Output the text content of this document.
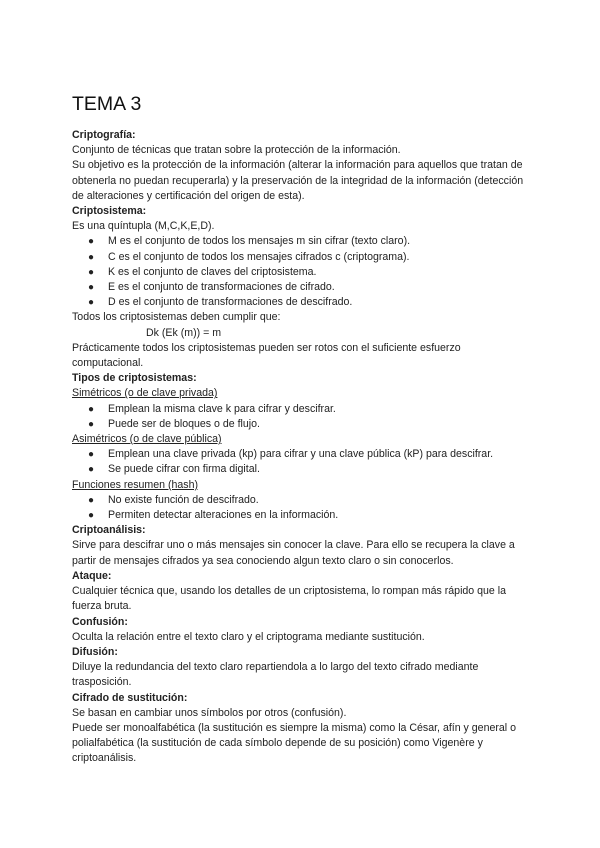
TEMA 3
Criptografía:
Conjunto de técnicas que tratan sobre la protección de la información.
Su objetivo es la protección de la información (alterar la información para aquellos que tratan de obtenerla no puedan recuperarla) y la preservación de la integridad de la información (detección de alteraciones y certificación del origen de esta).
Criptosistema:
Es una quíntupla (M,C,K,E,D).
● M es el conjunto de todos los mensajes m sin cifrar (texto claro).
● C es el conjunto de todos los mensajes cifrados c (criptograma).
● K es el conjunto de claves del criptosistema.
● E es el conjunto de transformaciones de cifrado.
● D es el conjunto de transformaciones de descifrado.
Todos los criptosistemas deben cumplir que:
Dk (Ek (m)) = m
Prácticamente todos los criptosistemas pueden ser rotos con el suficiente esfuerzo computacional.
Tipos de criptosistemas:
Simétricos (o de clave privada)
● Emplean la misma clave k para cifrar y descifrar.
● Puede ser de bloques o de flujo.
Asimétricos (o de clave pública)
● Emplean una clave privada (kp) para cifrar y una clave pública (kP) para descifrar.
● Se puede cifrar con firma digital.
Funciones resumen (hash)
● No existe función de descifrado.
● Permiten detectar alteraciones en la información.
Criptoanálisis:
Sirve para descifrar uno o más mensajes sin conocer la clave. Para ello se recupera la clave a partir de mensajes cifrados ya sea conociendo algun texto claro o sin conocerlos.
Ataque:
Cualquier técnica que, usando los detalles de un criptosistema, lo rompan más rápido que la fuerza bruta.
Confusión:
Oculta la relación entre el texto claro y el criptograma mediante sustitución.
Difusión:
Diluye la redundancia del texto claro repartiendola a lo largo del texto cifrado mediante trasposición.
Cifrado de sustitución:
Se basan en cambiar unos símbolos por otros (confusión).
Puede ser monoalfabética (la sustitución es siempre la misma) como la César, afín y general o polialfabética (la sustitución de cada símbolo depende de su posición) como Vigenère y criptoanálisis.
